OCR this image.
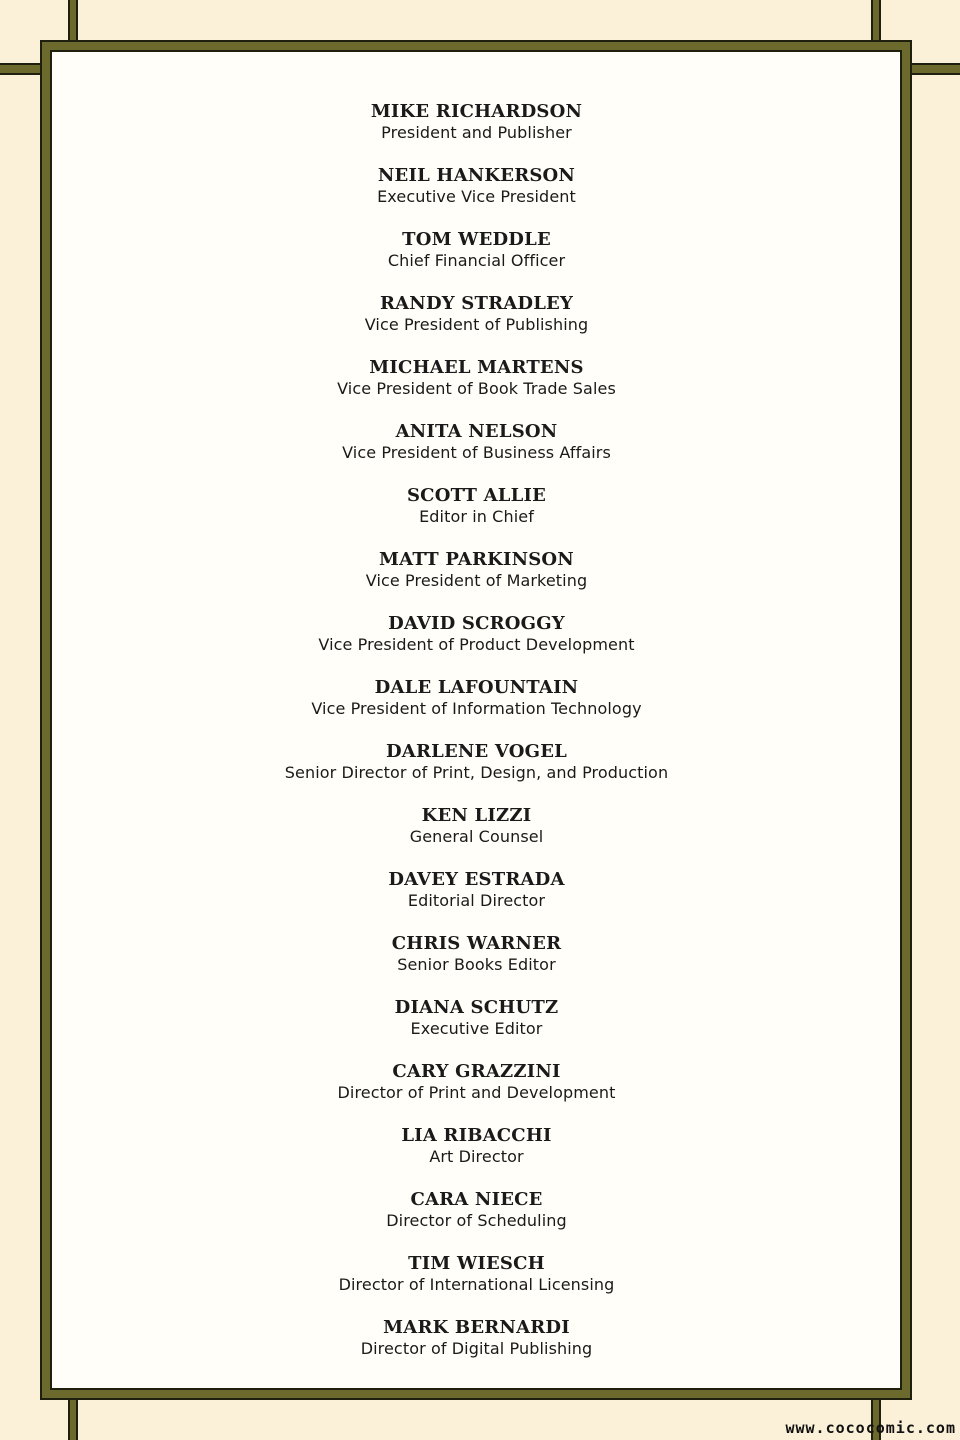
MIKE RICHARDSON
President and Publisher
NEIL HANKERSON
Executive Vice President
TOM WEDDLE
Chief Financial Officer
RANDY STRADLEY
Vice President of Publishing
MICHAEL MARTENS
Vice President of Book Trade Sales
ANITA NELSON
Vice President of Business Affairs
SCOTT ALLIE
Editor in Chief
MATT PARKINSON
Vice President of Marketing
DAVID SCROGGY
Vice President of Product Development
DALE LAFOUNTAIN
Vice President of Information Technology
DARLENE VOGEL
Senior Director of Print, Design, and Production
KEN LIZZI
General Counsel
DAVEY ESTRADA
Editorial Director
CHRIS WARNER
Senior Books Editor
DIANA SCHUTZ
Executive Editor
CARY GRAZZINI
Director of Print and Development
LIA RIBACCHI
Art Director
CARA NIECE
Director of Scheduling
TIM WIESCH
Director of International Licensing
MARK BERNARDI
Director of Digital Publishing
www.cococomic.com
